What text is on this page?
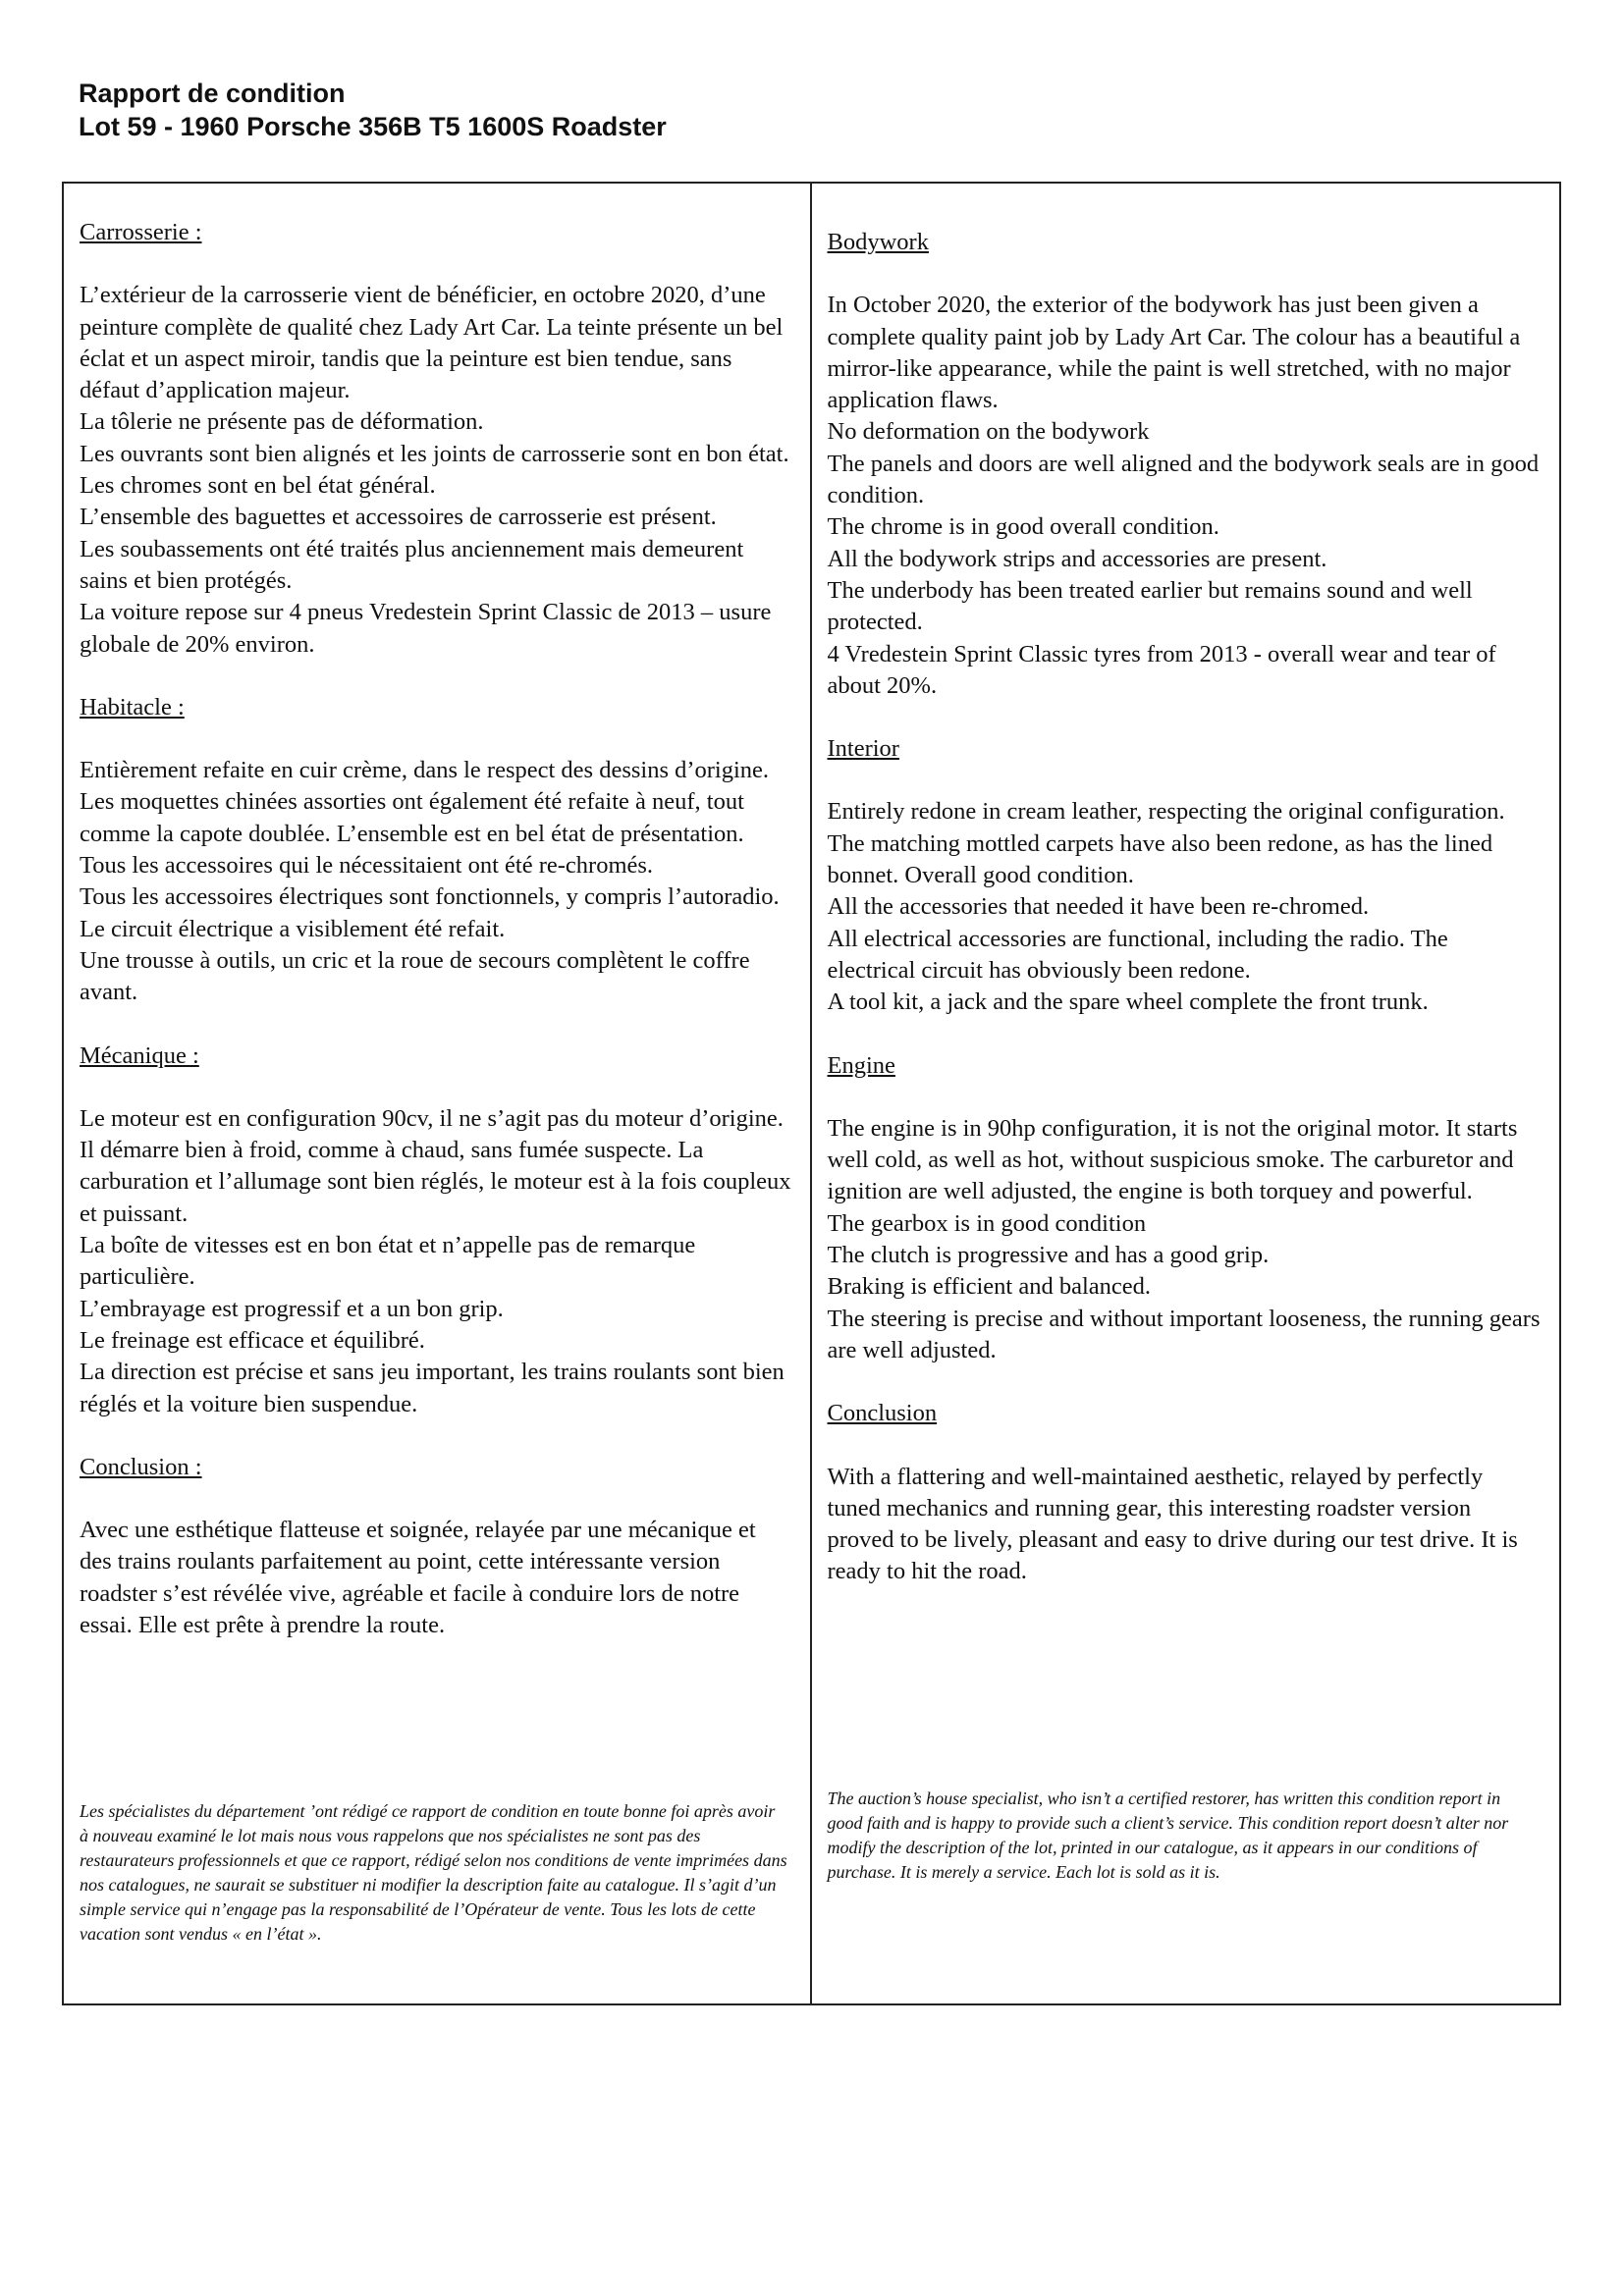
Rapport de condition
Lot 59 - 1960 Porsche 356B T5 1600S Roadster
Carrosserie :
L’extérieur de la carrosserie vient de bénéficier, en octobre 2020, d’une peinture complète de qualité chez Lady Art Car. La teinte présente un bel éclat et un aspect miroir, tandis que la peinture est bien tendue, sans défaut d’application majeur.
La tôlerie ne présente pas de déformation.
Les ouvrants sont bien alignés et les joints de carrosserie sont en bon état.
Les chromes sont en bel état général.
L’ensemble des baguettes et accessoires de carrosserie est présent.
Les soubassements ont été traités plus anciennement mais demeurent sains et bien protégés.
La voiture repose sur 4 pneus Vredestein Sprint Classic de 2013 – usure globale de 20% environ.
Habitacle :
Entièrement refaite en cuir crème, dans le respect des dessins d’origine. Les moquettes chinées assorties ont également été refaite à neuf, tout comme la capote doublée. L’ensemble est en bel état de présentation.
Tous les accessoires qui le nécessitaient ont été re-chromés.
Tous les accessoires électriques sont fonctionnels, y compris l’autoradio. Le circuit électrique a visiblement été refait.
Une trousse à outils, un cric et la roue de secours complètent le coffre avant.
Mécanique :
Le moteur est en configuration 90cv, il ne s’agit pas du moteur d’origine.
Il démarre bien à froid, comme à chaud, sans fumée suspecte. La carburation et l’allumage sont bien réglés, le moteur est à la fois coupleux et puissant.
La boîte de vitesses est en bon état et n’appelle pas de remarque particulière.
L’embrayage est progressif et a un bon grip.
Le freinage est efficace et équilibré.
La direction est précise et sans jeu important, les trains roulants sont bien réglés et la voiture bien suspendue.
Conclusion :
Avec une esthétique flatteuse et soignée, relayée par une mécanique et des trains roulants parfaitement au point, cette intéressante version roadster s’est révélée vive, agréable et facile à conduire lors de notre essai. Elle est prête à prendre la route.
Les spécialistes du département ’ont rédigé ce rapport de condition en toute bonne foi après avoir à nouveau examiné le lot mais nous vous rappelons que nos spécialistes ne sont pas des restaurateurs professionnels et que ce rapport, rédigé selon nos conditions de vente imprimées dans nos catalogues, ne saurait se substituer ni modifier la description faite au catalogue. Il s’agit d’un simple service qui n’engage pas la responsabilité de l’Opérateur de vente. Tous les lots de cette vacation sont vendus « en l’état ».
Bodywork
In October 2020, the exterior of the bodywork has just been given a complete quality paint job by Lady Art Car. The colour has a beautiful a mirror-like appearance, while the paint is well stretched, with no major application flaws.
No deformation on the bodywork
The panels and doors are well aligned and the bodywork seals are in good condition.
The chrome is in good overall condition.
All the bodywork strips and accessories are present.
The underbody has been treated earlier but remains sound and well protected.
4 Vredestein Sprint Classic tyres from 2013 - overall wear and tear of about 20%.
Interior
Entirely redone in cream leather, respecting the original configuration. The matching mottled carpets have also been redone, as has the lined bonnet. Overall good condition.
All the accessories that needed it have been re-chromed.
All electrical accessories are functional, including the radio. The electrical circuit has obviously been redone.
A tool kit, a jack and the spare wheel complete the front trunk.
Engine
The engine is in 90hp configuration, it is not the original motor. It starts well cold, as well as hot, without suspicious smoke. The carburetor and ignition are well adjusted, the engine is both torquey and powerful.
The gearbox is in good condition
The clutch is progressive and has a good grip.
Braking is efficient and balanced.
The steering is precise and without important looseness, the running gears are well adjusted.
Conclusion
With a flattering and well-maintained aesthetic, relayed by perfectly tuned mechanics and running gear, this interesting roadster version proved to be lively, pleasant and easy to drive during our test drive. It is ready to hit the road.
The auction’s house specialist, who isn’t a certified restorer, has written this condition report in good faith and is happy to provide such a client’s service. This condition report doesn’t alter nor modify the description of the lot, printed in our catalogue, as it appears in our conditions of purchase. It is merely a service. Each lot is sold as it is.
